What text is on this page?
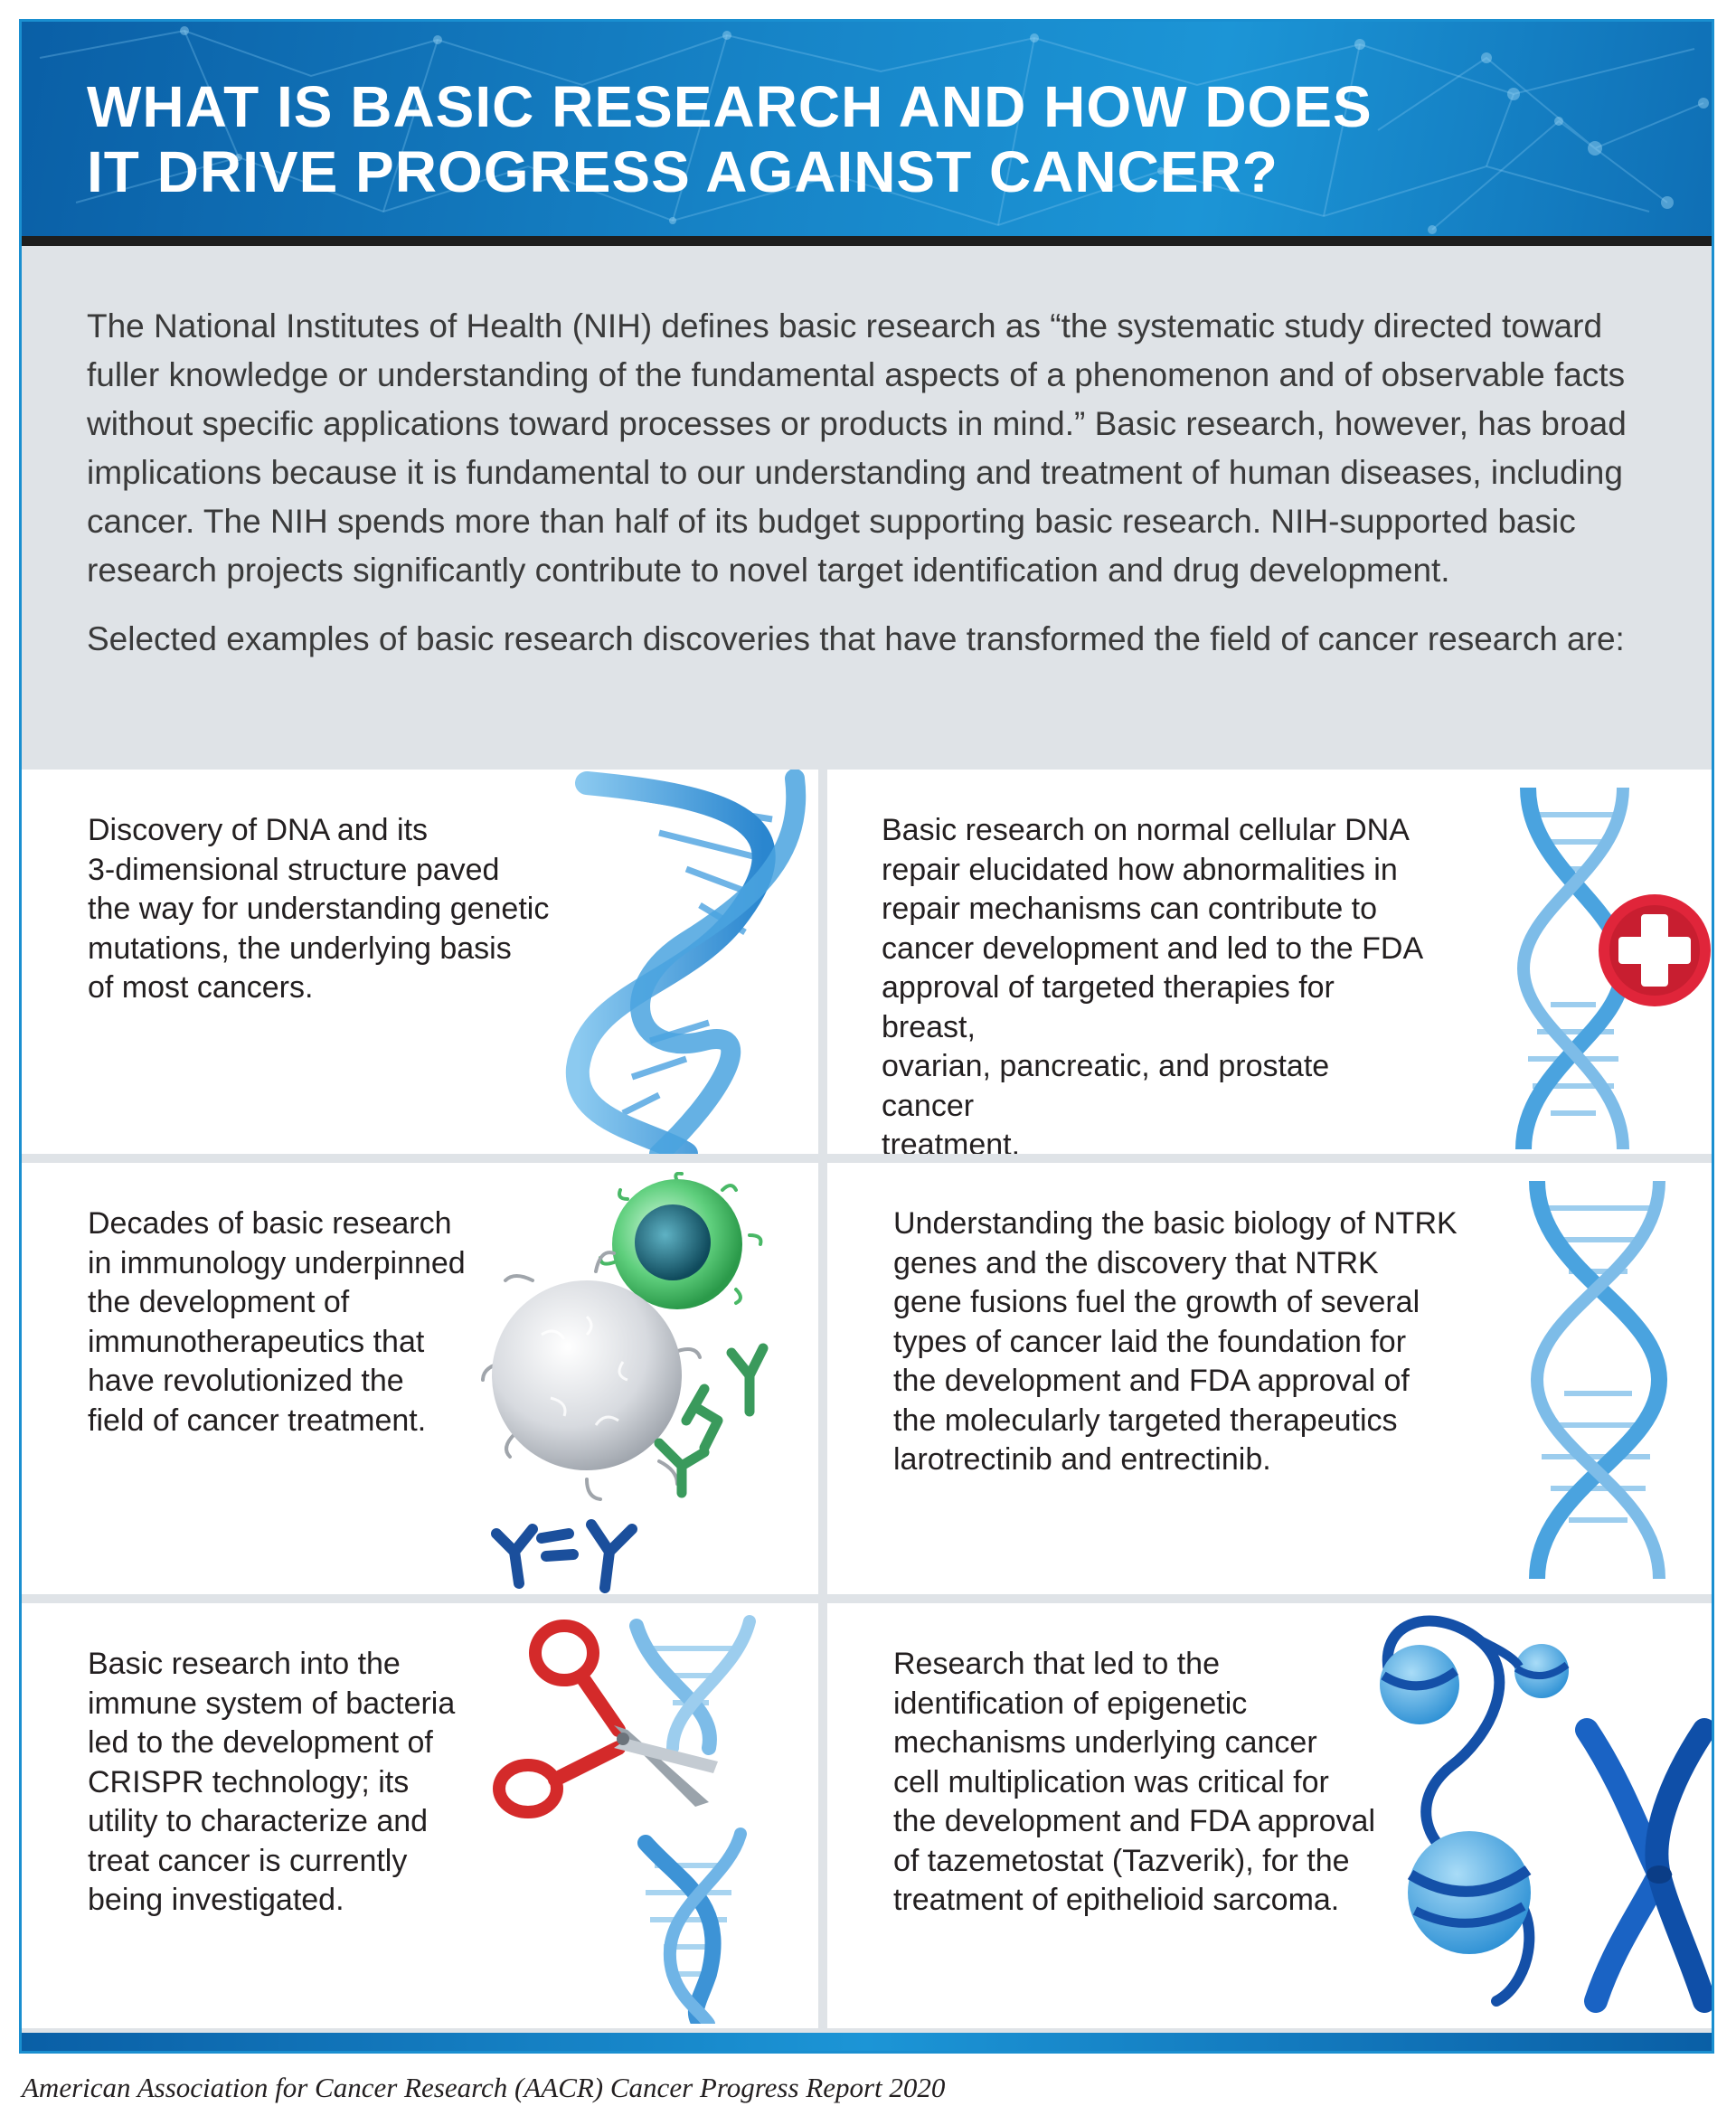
WHAT IS BASIC RESEARCH AND HOW DOES
IT DRIVE PROGRESS AGAINST CANCER?

The National Institutes of Health (NIH) defines basic research as “the systematic study directed toward fuller knowledge or understanding of the fundamental aspects of a phenomenon and of observable facts without specific applications toward processes or products in mind.” Basic research, however, has broad implications because it is fundamental to our understanding and treatment of human diseases, including cancer. The NIH spends more than half of its budget supporting basic research. NIH-supported basic research projects significantly contribute to novel target identification and drug development.

Selected examples of basic research discoveries that have transformed the field of cancer research are:

Discovery of DNA and its
3-dimensional structure paved
the way for understanding genetic
mutations, the underlying basis
of most cancers.
Basic research on normal cellular DNA
repair elucidated how abnormalities in
repair mechanisms can contribute to
cancer development and led to the FDA
approval of targeted therapies for breast,
ovarian, pancreatic, and prostate cancer
treatment.
Decades of basic research
in immunology underpinned
the development of
immunotherapeutics that
have revolutionized the
field of cancer treatment.
Understanding the basic biology of NTRK
genes and the discovery that NTRK
gene fusions fuel the growth of several
types of cancer laid the foundation for
the development and FDA approval of
the molecularly targeted therapeutics
larotrectinib and entrectinib.
Basic research into the
immune system of bacteria
led to the development of
CRISPR technology; its
utility to characterize and
treat cancer is currently
being investigated.
Research that led to the
identification of epigenetic
mechanisms underlying cancer
cell multiplication was critical for
the development and FDA approval
of tazemetostat (Tazverik), for the
treatment of epithelioid sarcoma.
American Association for Cancer Research (AACR) Cancer Progress Report 2020
